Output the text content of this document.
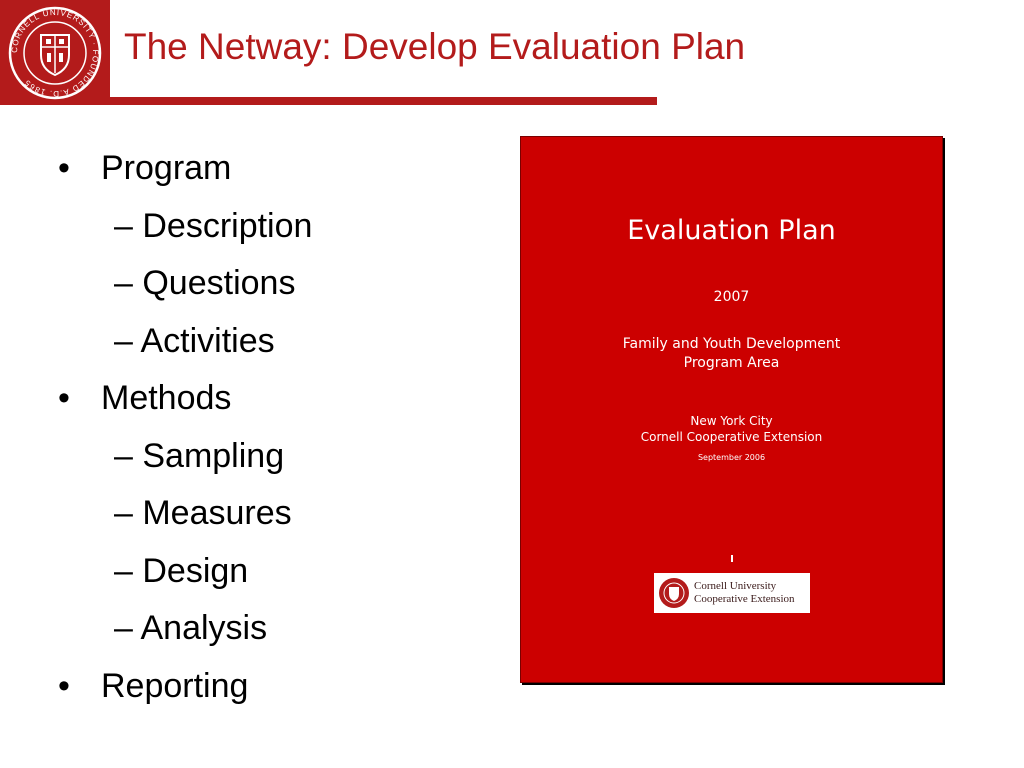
CORNELL UNIVERSITY · FOUNDED A.D. 1865
The Netway: Develop Evaluation Plan
• Program
– Description
– Questions
– Activities
• Methods
– Sampling
– Measures
– Design
– Analysis
• Reporting
Evaluation Plan
2007
Family and Youth Development
Program Area
New York City
Cornell Cooperative Extension
September 2006
Cornell University
Cooperative Extension
